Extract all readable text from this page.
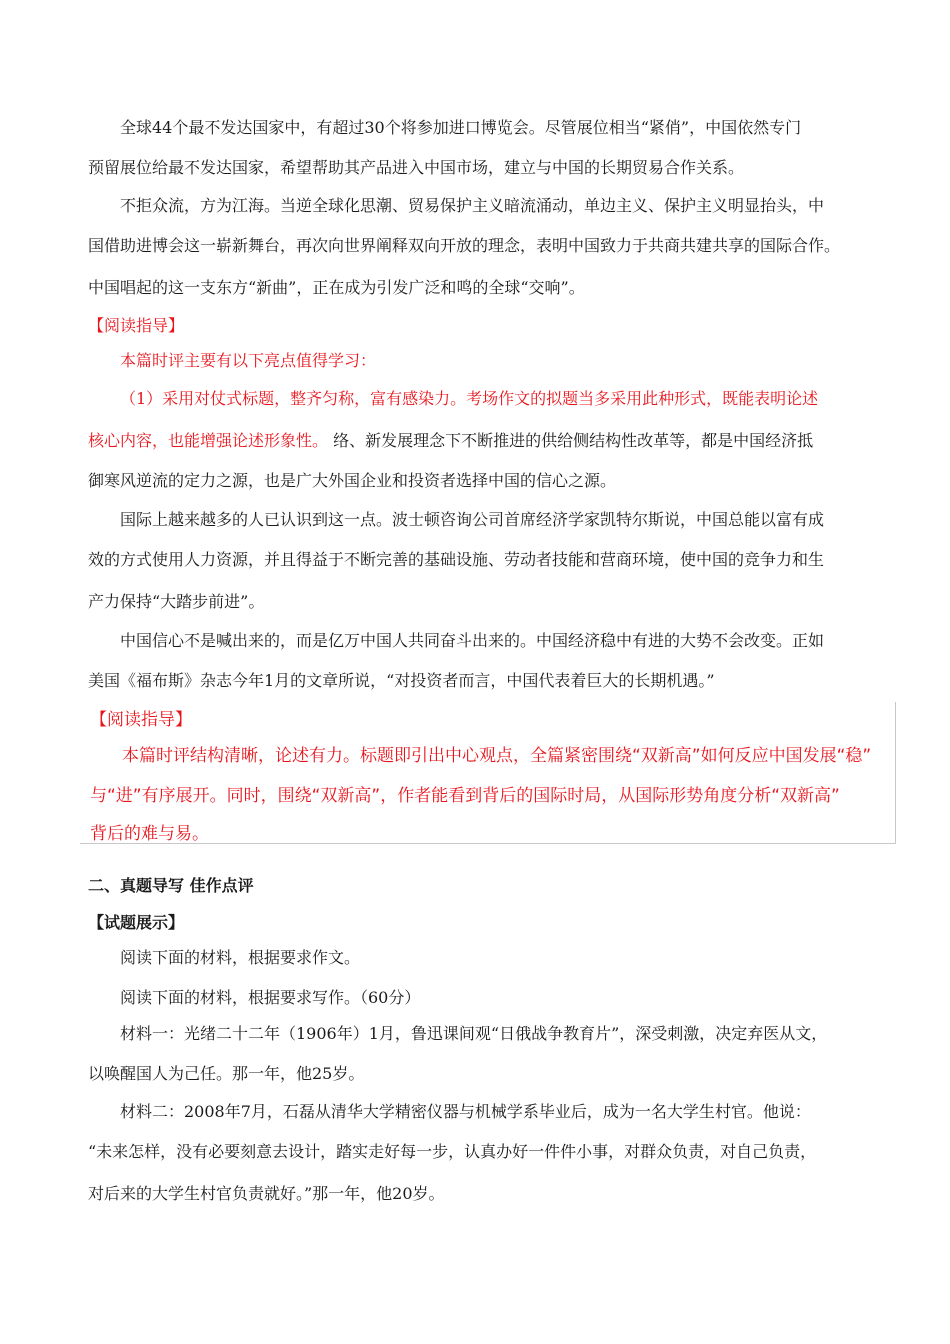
全球44个最不发达国家中，有超过30个将参加进口博览会。尽管展位相当“紧俏”，中国依然专门
预留展位给最不发达国家，希望帮助其产品进入中国市场，建立与中国的长期贸易合作关系。
不拒众流，方为江海。当逆全球化思潮、贸易保护主义暗流涌动，单边主义、保护主义明显抬头，中
国借助进博会这一崭新舞台，再次向世界阐释双向开放的理念，表明中国致力于共商共建共享的国际合作。
中国唱起的这一支东方“新曲”，正在成为引发广泛和鸣的全球“交响”。
【阅读指导】
本篇时评主要有以下亮点值得学习：
（1）采用对仗式标题，整齐匀称，富有感染力。考场作文的拟题当多采用此种形式，既能表明论述
核心内容，也能增强论述形象性。 络、新发展理念下不断推进的供给侧结构性改革等，都是中国经济抵
御寒风逆流的定力之源，也是广大外国企业和投资者选择中国的信心之源。
国际上越来越多的人已认识到这一点。波士顿咨询公司首席经济学家凯特尔斯说，中国总能以富有成
效的方式使用人力资源，并且得益于不断完善的基础设施、劳动者技能和营商环境，使中国的竞争力和生
产力保持“大踏步前进”。
中国信心不是喊出来的，而是亿万中国人共同奋斗出来的。中国经济稳中有进的大势不会改变。正如
美国《福布斯》杂志今年1月的文章所说，“对投资者而言，中国代表着巨大的长期机遇。”
【阅读指导】
本篇时评结构清晰，论述有力。标题即引出中心观点，全篇紧密围绕“双新高”如何反应中国发展“稳”
与“进”有序展开。同时，围绕“双新高”，作者能看到背后的国际时局，从国际形势角度分析“双新高”
背后的难与易。
二、真题导写 佳作点评
【试题展示】
阅读下面的材料，根据要求作文。
阅读下面的材料，根据要求写作。（60分）
材料一：光绪二十二年（1906年）1月，鲁迅课间观“日俄战争教育片”，深受刺激，决定弃医从文，
以唤醒国人为己任。那一年，他25岁。
材料二：2008年7月，石磊从清华大学精密仪器与机械学系毕业后，成为一名大学生村官。他说：
“未来怎样，没有必要刻意去设计，踏实走好每一步，认真办好一件件小事，对群众负责，对自己负责，
对后来的大学生村官负责就好。”那一年，他20岁。
